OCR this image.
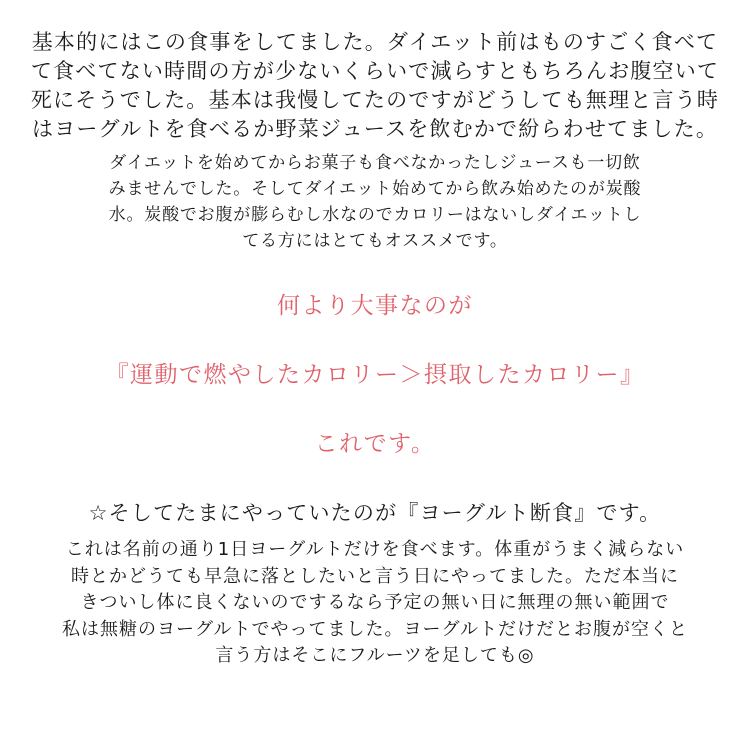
基本的にはこの食事をしてました。ダイエット前はものすごく食べて
て食べてない時間の方が少ないくらいで減らすともちろんお腹空いて
死にそうでした。基本は我慢してたのですがどうしても無理と言う時
はヨーグルトを食べるか野菜ジュースを飲むかで紛らわせてました。
ダイエットを始めてからお菓子も食べなかったしジュースも一切飲
みませんでした。そしてダイエット始めてから飲み始めたのが炭酸
水。炭酸でお腹が膨らむし水なのでカロリーはないしダイエットし
てる方にはとてもオススメです。
何より大事なのが
『運動で燃やしたカロリー＞摂取したカロリー』
これです。
☆そしてたまにやっていたのが『ヨーグルト断食』です。
これは名前の通り1日ヨーグルトだけを食べます。体重がうまく減らない
時とかどうても早急に落としたいと言う日にやってました。ただ本当に
きついし体に良くないのでするなら予定の無い日に無理の無い範囲で
私は無糖のヨーグルトでやってました。ヨーグルトだけだとお腹が空くと
言う方はそこにフルーツを足しても◎
